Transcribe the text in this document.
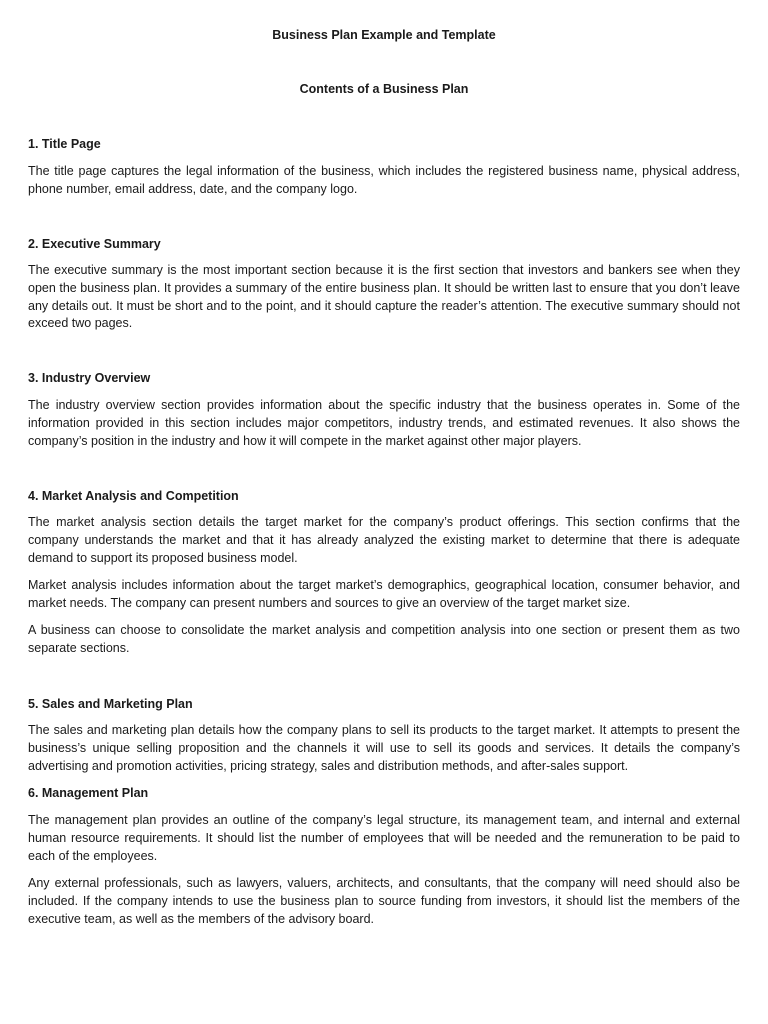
Business Plan Example and Template
Contents of a Business Plan
1. Title Page
The title page captures the legal information of the business, which includes the registered business name, physical address, phone number, email address, date, and the company logo.
2. Executive Summary
The executive summary is the most important section because it is the first section that investors and bankers see when they open the business plan. It provides a summary of the entire business plan. It should be written last to ensure that you don’t leave any details out. It must be short and to the point, and it should capture the reader’s attention. The executive summary should not exceed two pages.
3. Industry Overview
The industry overview section provides information about the specific industry that the business operates in. Some of the information provided in this section includes major competitors, industry trends, and estimated revenues. It also shows the company’s position in the industry and how it will compete in the market against other major players.
4. Market Analysis and Competition
The market analysis section details the target market for the company’s product offerings. This section confirms that the company understands the market and that it has already analyzed the existing market to determine that there is adequate demand to support its proposed business model.
Market analysis includes information about the target market’s demographics, geographical location, consumer behavior, and market needs. The company can present numbers and sources to give an overview of the target market size.
A business can choose to consolidate the market analysis and competition analysis into one section or present them as two separate sections.
5. Sales and Marketing Plan
The sales and marketing plan details how the company plans to sell its products to the target market. It attempts to present the business’s unique selling proposition and the channels it will use to sell its goods and services. It details the company’s advertising and promotion activities, pricing strategy, sales and distribution methods, and after-sales support.
6. Management Plan
The management plan provides an outline of the company’s legal structure, its management team, and internal and external human resource requirements. It should list the number of employees that will be needed and the remuneration to be paid to each of the employees.
Any external professionals, such as lawyers, valuers, architects, and consultants, that the company will need should also be included. If the company intends to use the business plan to source funding from investors, it should list the members of the executive team, as well as the members of the advisory board.
